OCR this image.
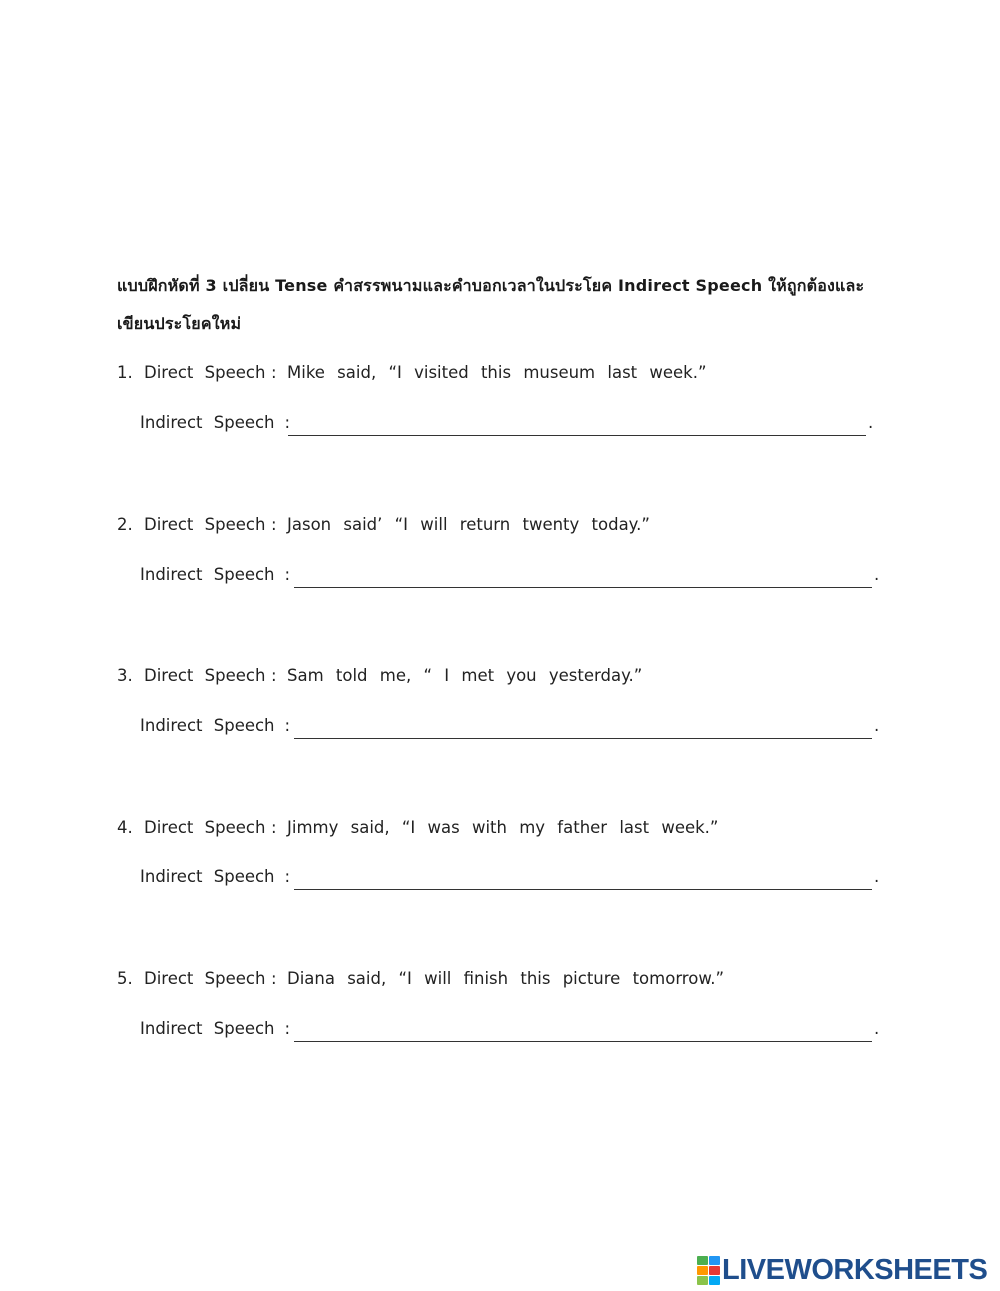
แบบฝึกหัดที่ 3 เปลี่ยน Tense คำสรรพนามและคำบอกเวลาในประโยค Indirect Speech ให้ถูกต้องและ
เขียนประโยคใหม่
1. Direct Speech : Mike said, “I visited this museum last week.”
Indirect Speech :	.
2. Direct Speech : Jason said’ “I will return twenty today.”
Indirect Speech :	.
3. Direct Speech : Sam told me, “ I met you yesterday.”
Indirect Speech :	.
4. Direct Speech : Jimmy said, “I was with my father last week.”
Indirect Speech :	.
5. Direct Speech : Diana said, “I will finish this picture tomorrow.”
Indirect Speech :	.
LIVEWORKSHEETS
